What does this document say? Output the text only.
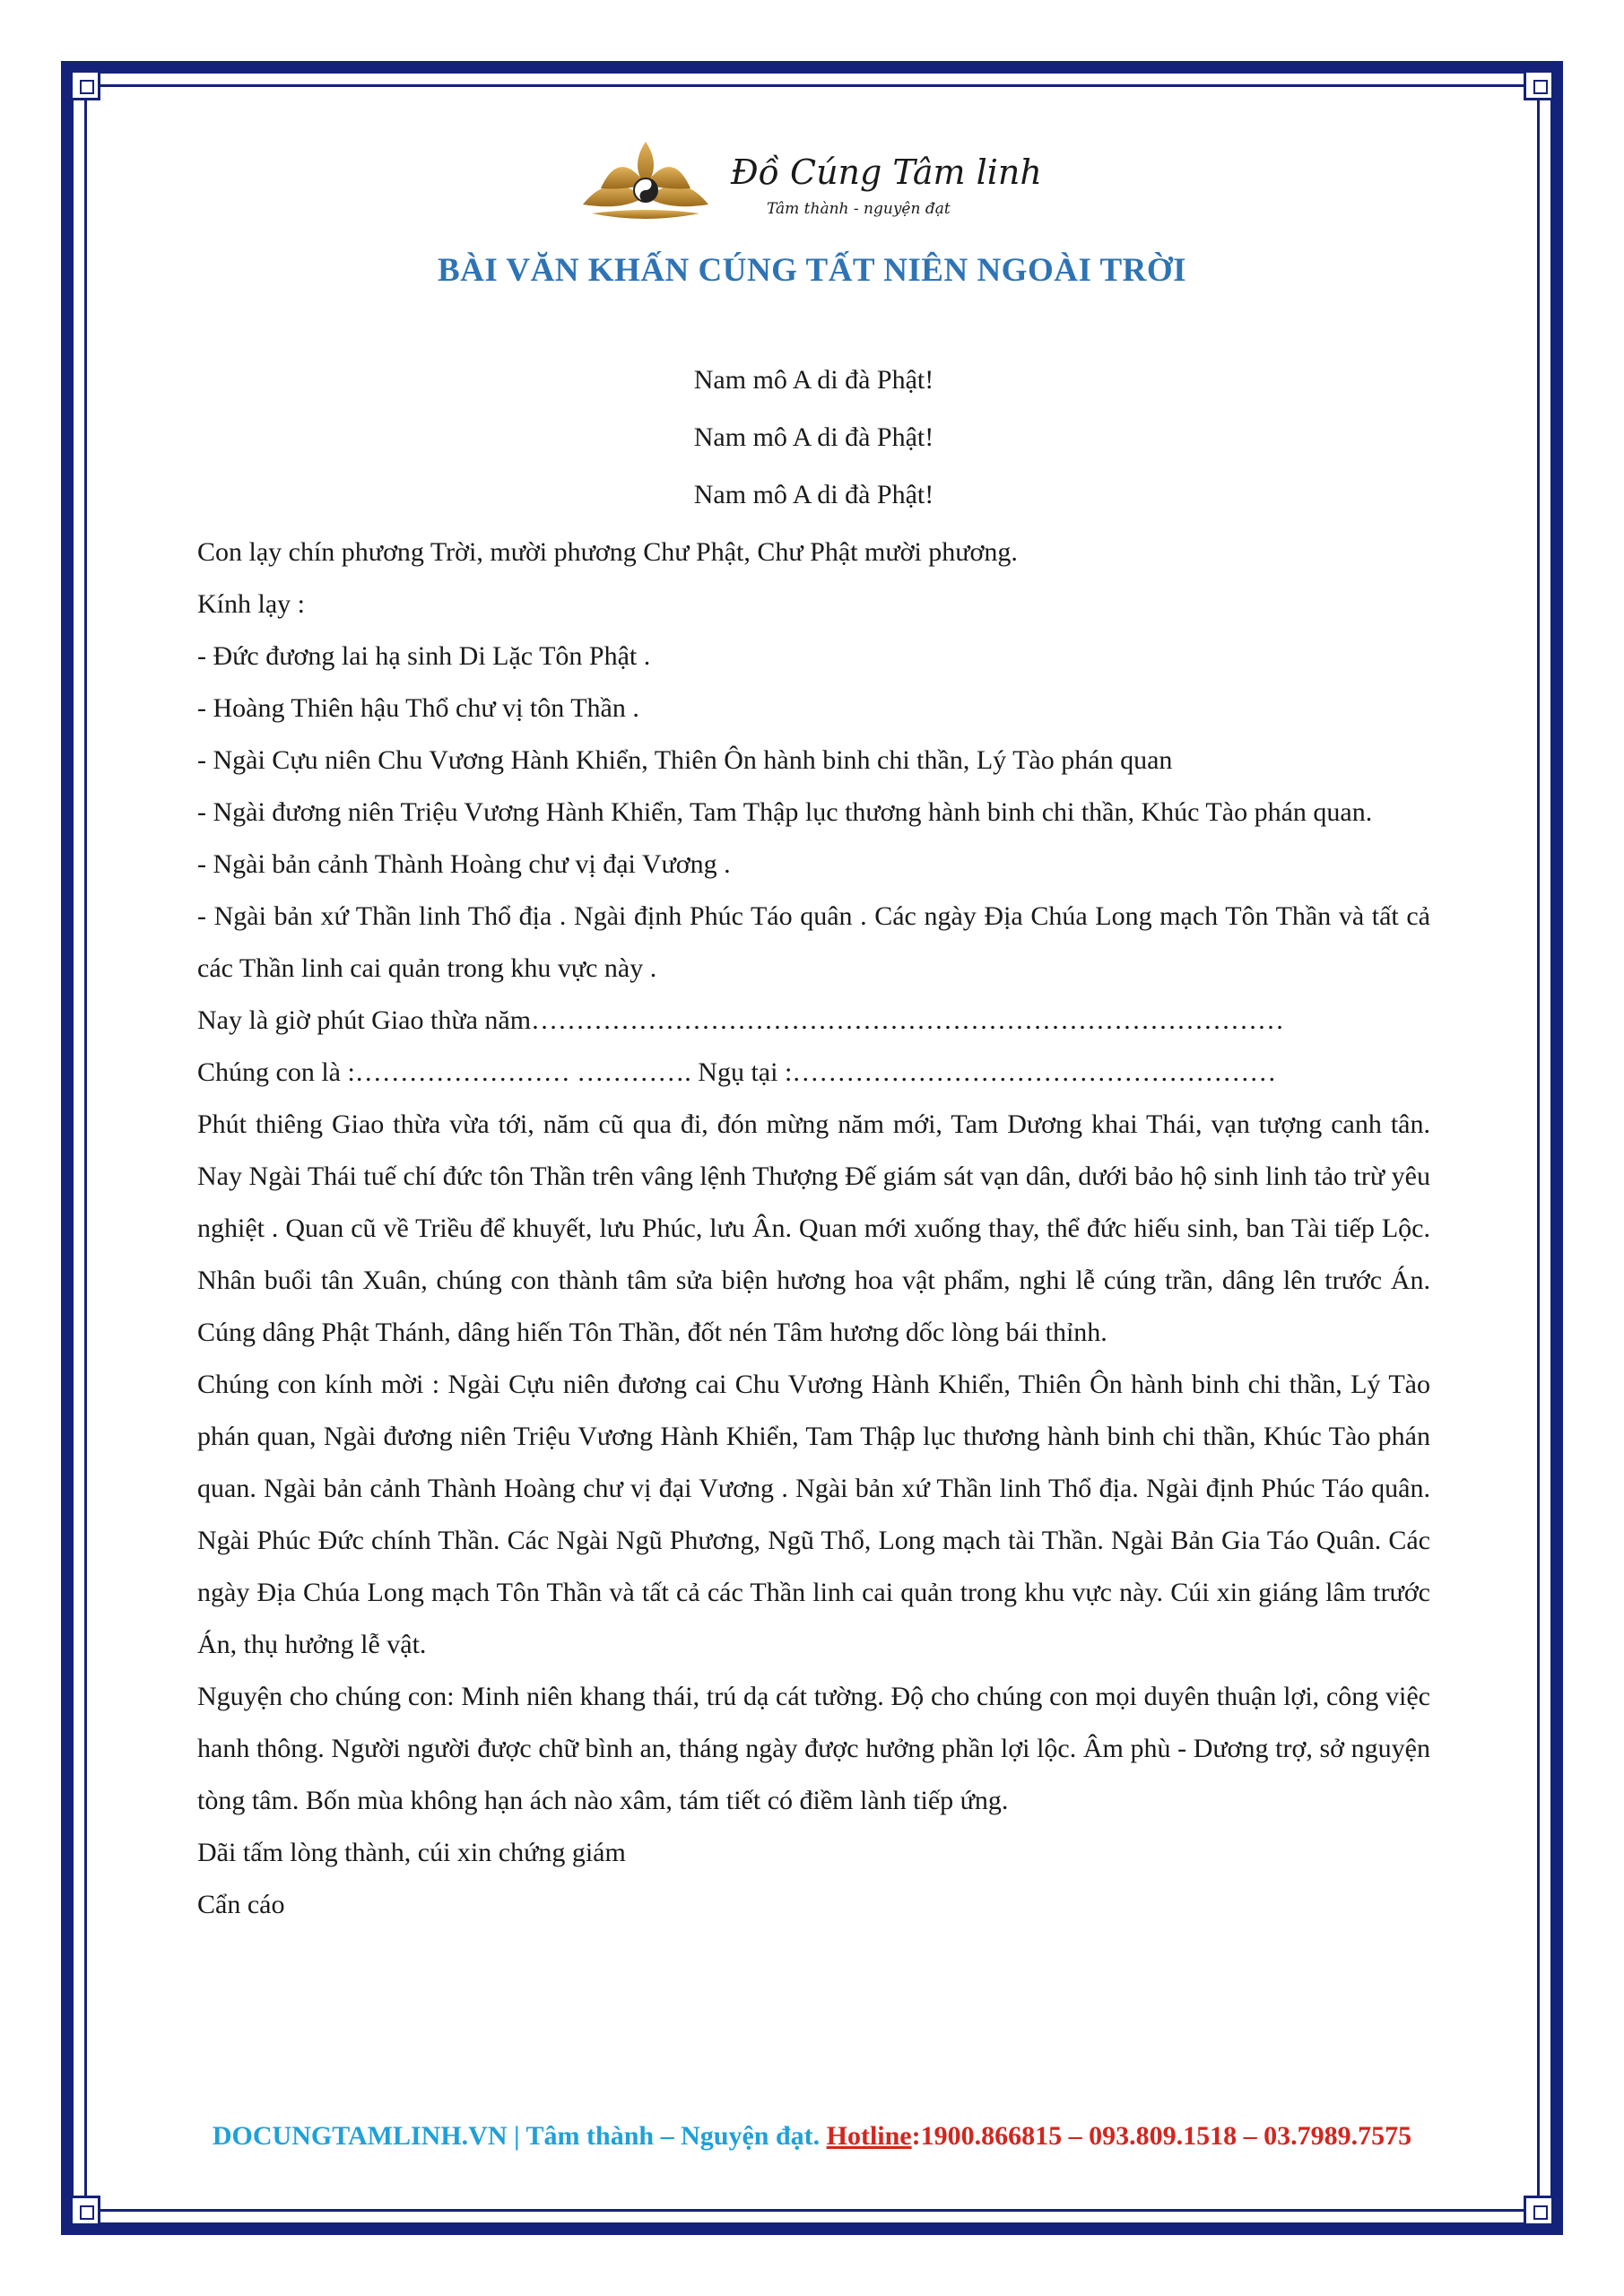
Đồ Cúng Tâm linh
Tâm thành - nguyện đạt
BÀI VĂN KHẤN CÚNG TẤT NIÊN NGOÀI TRỜI
Nam mô A di đà Phật!
Nam mô A di đà Phật!
Nam mô A di đà Phật!

Con lạy chín phương Trời, mười phương Chư Phật, Chư Phật mười phương.

Kính lạy :

- Đức đương lai hạ sinh Di Lặc Tôn Phật .

- Hoàng Thiên hậu Thổ chư vị tôn Thần .

- Ngài Cựu niên Chu Vương Hành Khiển, Thiên Ôn hành binh chi thần, Lý Tào phán quan

- Ngài đương niên Triệu Vương Hành Khiển, Tam Thập lục thương hành binh chi thần, Khúc Tào phán quan.

- Ngài bản cảnh Thành Hoàng chư vị đại Vương .

- Ngài bản xứ Thần linh Thổ địa . Ngài định Phúc Táo quân . Các ngày Địa Chúa Long mạch Tôn Thần và tất cả các Thần linh cai quản trong khu vực này .

Nay là giờ phút Giao thừa năm…………………………………………………………………………

Chúng con là :…………………… …………. Ngụ tại :………………………………………………

Phút thiêng Giao thừa vừa tới, năm cũ qua đi, đón mừng năm mới, Tam Dương khai Thái, vạn tượng canh tân. Nay Ngài Thái tuế chí đức tôn Thần trên vâng lệnh Thượng Đế giám sát vạn dân, dưới bảo hộ sinh linh tảo trừ yêu nghiệt . Quan cũ về Triều để khuyết, lưu Phúc, lưu Ân. Quan mới xuống thay, thể đức hiếu sinh, ban Tài tiếp Lộc. Nhân buổi tân Xuân, chúng con thành tâm sửa biện hương hoa vật phẩm, nghi lễ cúng trần, dâng lên trước Án. Cúng dâng Phật Thánh, dâng hiến Tôn Thần, đốt nén Tâm hương dốc lòng bái thỉnh.

Chúng con kính mời : Ngài Cựu niên đương cai Chu Vương Hành Khiển, Thiên Ôn hành binh chi thần, Lý Tào phán quan, Ngài đương niên Triệu Vương Hành Khiển, Tam Thập lục thương hành binh chi thần, Khúc Tào phán quan. Ngài bản cảnh Thành Hoàng chư vị đại Vương . Ngài bản xứ Thần linh Thổ địa. Ngài định Phúc Táo quân. Ngài Phúc Đức chính Thần. Các Ngài Ngũ Phương, Ngũ Thổ, Long mạch tài Thần. Ngài Bản Gia Táo Quân. Các ngày Địa Chúa Long mạch Tôn Thần và tất cả các Thần linh cai quản trong khu vực này. Cúi xin giáng lâm trước Án, thụ hưởng lễ vật.

Nguyện cho chúng con: Minh niên khang thái, trú dạ cát tường. Độ cho chúng con mọi duyên thuận lợi, công việc hanh thông. Người người được chữ bình an, tháng ngày được hưởng phần lợi lộc. Âm phù - Dương trợ, sở nguyện tòng tâm. Bốn mùa không hạn ách nào xâm, tám tiết có điềm lành tiếp ứng.

Dãi tấm lòng thành, cúi xin chứng giám

Cẩn cáo

DOCUNGTAMLINH.VN | Tâm thành – Nguyện đạt. Hotline:1900.866815 – 093.809.1518 – 03.7989.7575
